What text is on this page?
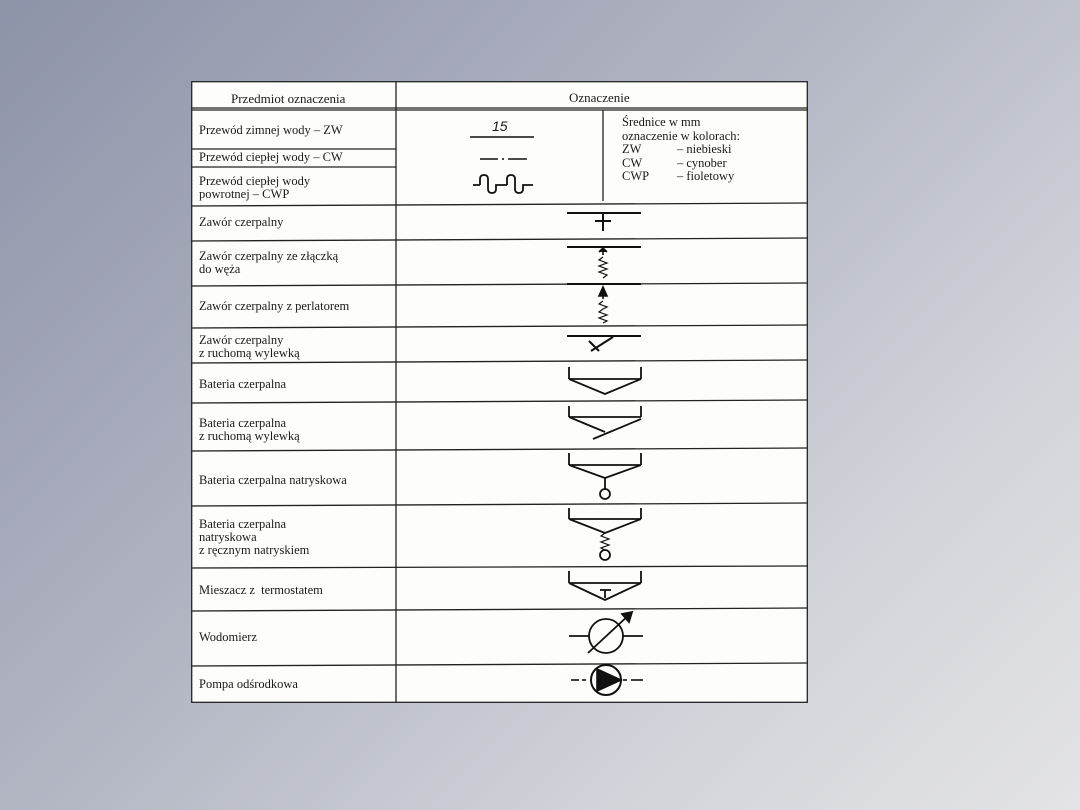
Przedmiot oznaczenia	Oznaczenie
Średnice w mm
oznaczenie w kolorach:
ZW	– niebieski
CW	– cynober
CWP	– fioletowy
Przewód zimnej wody – ZW
Przewód ciepłej wody – CW
Przewód ciepłej wody
powrotnej – CWP
Zawór czerpalny
Zawór czerpalny ze złączką
do węża
Zawór czerpalny z perlatorem
Zawór czerpalny
z ruchomą wylewką
Bateria czerpalna
Bateria czerpalna
z ruchomą wylewką
Bateria czerpalna natryskowa
Bateria czerpalna
natryskowa
z ręcznym natryskiem
Mieszacz z  termostatem
Wodomierz
Pompa odśrodkowa
15
